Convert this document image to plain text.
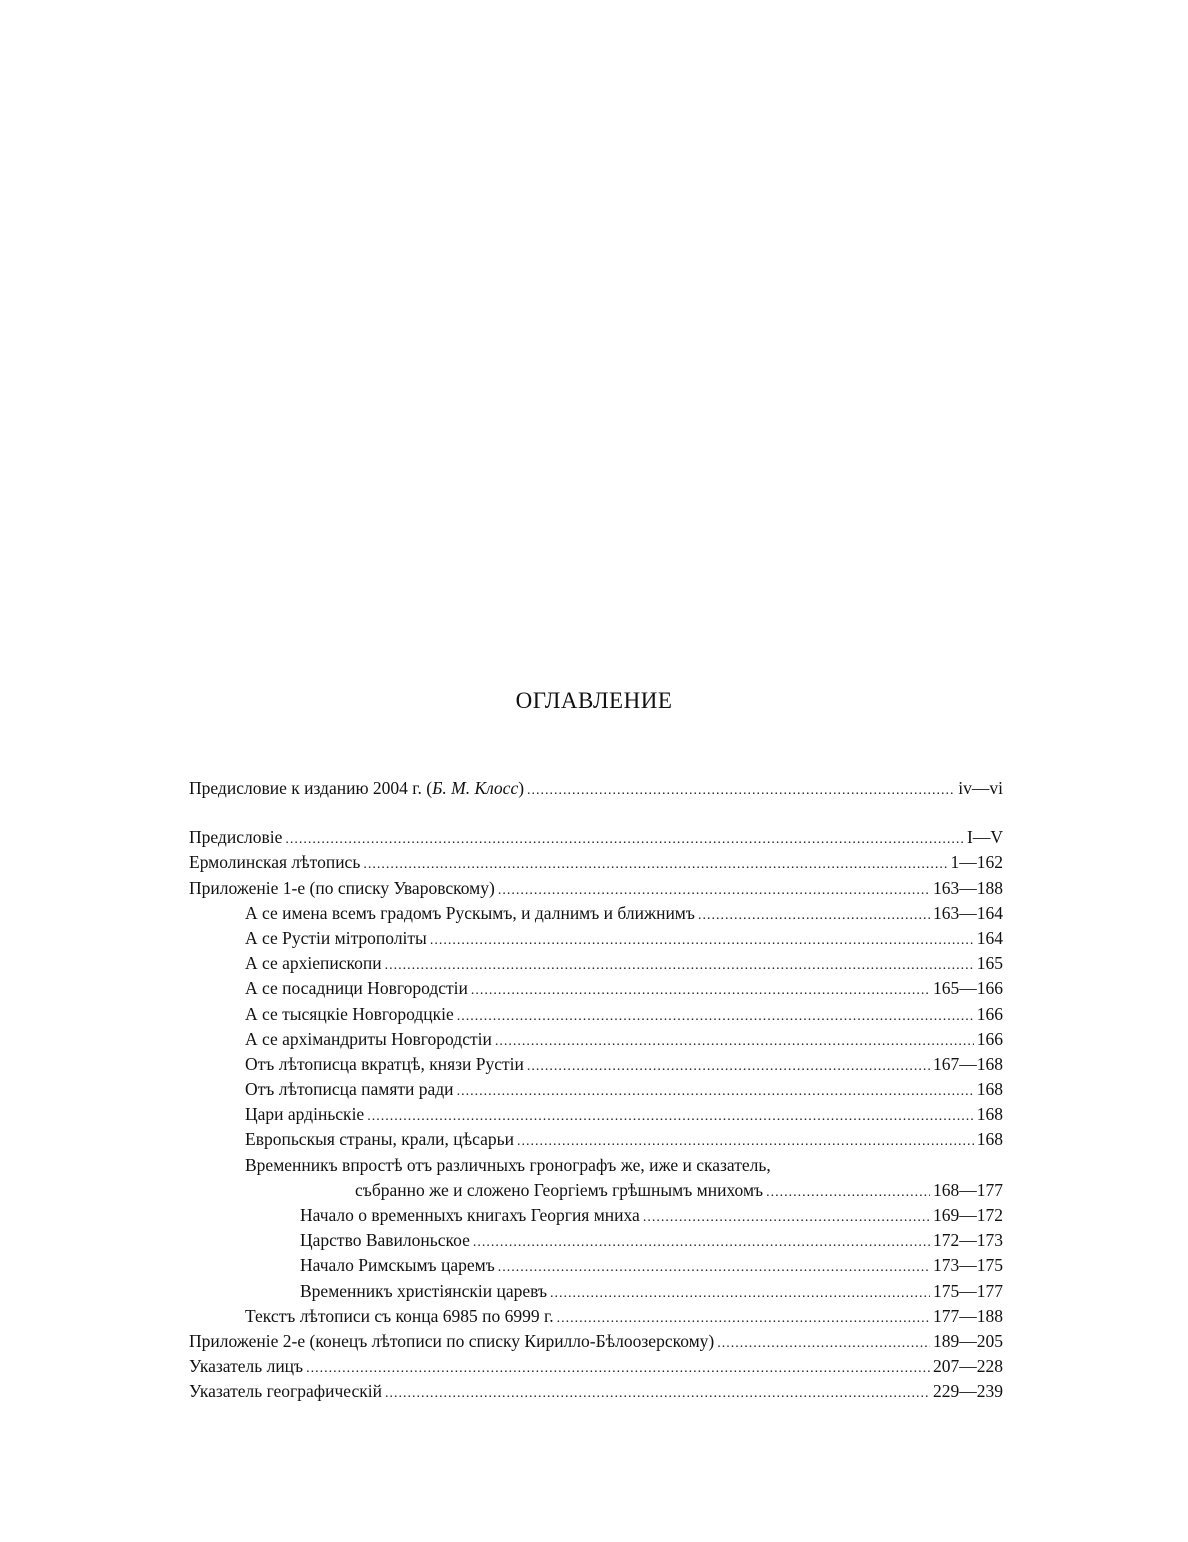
ОГЛАВЛЕНИЕ
Предисловие к изданию 2004 г. (Б. М. Клосс) .....	iv—vi
Предисловіе .....	I—V
Ермолинская лѣтопись .....	1—162
Приложеніе 1-е (по списку Уваровскому) .....	163—188
А се имена всемъ градомъ Рускымъ, и далнимъ и ближнимъ .....	163—164
А се Рустіи мітрополіты .....	164
А се архіепископи .....	165
А се посадници Новгородстіи .....	165—166
А се тысяцкіе Новгородцкіе .....	166
А се архімандриты Новгородстіи .....	166
Отъ лѣтописца вкратцѣ, князи Рустіи .....	167—168
Отъ лѣтописца памяти ради .....	168
Цари ардіньскіе .....	168
Европьскыя страны, крали, цѣсарьи .....	168
Временникъ впростѣ отъ различныхъ гронографъ же, иже и сказатель,
събранно же и сложено Георгіемъ грѣшнымъ мнихомъ .....	168—177
Начало о временныхъ книгахъ Георгия мниха .....	169—172
Царство Вавилоньское .....	172—173
Начало Римскымъ царемъ .....	173—175
Временникъ христіянскіи царевъ .....	175—177
Текстъ лѣтописи съ конца 6985 по 6999 г. .....	177—188
Приложеніе 2-е (конецъ лѣтописи по списку Кирилло-Бѣлоозерскому) .....	189—205
Указатель лицъ .....	207—228
Указатель географическій .....	229—239
